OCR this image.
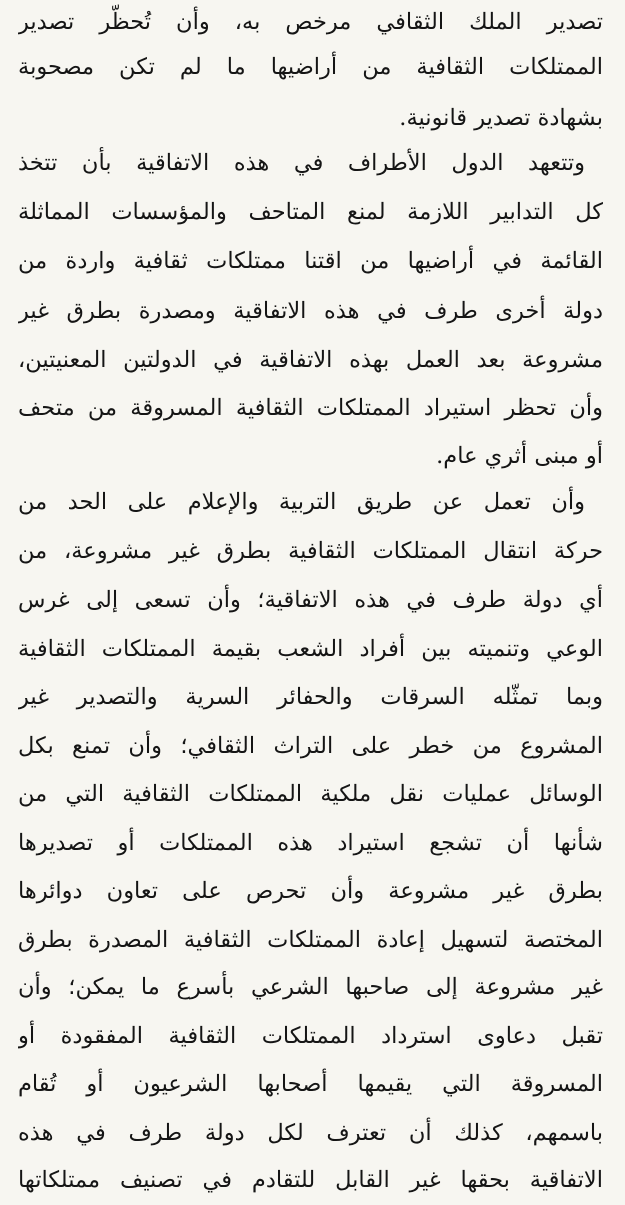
تصدير الملك الثقافي مرخص به، وأن تُحظّر تصدير
الممتلكات الثقافية من أراضيها ما لم تكن مصحوبة
بشهادة تصدير قانونية.
وتتعهد الدول الأطراف في هذه الاتفاقية بأن تتخذ
كل التدابير اللازمة لمنع المتاحف والمؤسسات المماثلة
القائمة في أراضيها من اقتنا ممتلكات ثقافية واردة من
دولة أخرى طرف في هذه الاتفاقية ومصدرة بطرق غير
مشروعة بعد العمل بهذه الاتفاقية في الدولتين المعنيتين،
وأن تحظر استيراد الممتلكات الثقافية المسروقة من متحف
أو مبنى أثري عام.
وأن تعمل عن طريق التربية والإعلام على الحد من
حركة انتقال الممتلكات الثقافية بطرق غير مشروعة، من
أي دولة طرف في هذه الاتفاقية؛ وأن تسعى إلى غرس
الوعي وتنميته بين أفراد الشعب بقيمة الممتلكات الثقافية
وبما تمثّله السرقات والحفائر السرية والتصدير غير
المشروع من خطر على التراث الثقافي؛ وأن تمنع بكل
الوسائل عمليات نقل ملكية الممتلكات الثقافية التي من
شأنها أن تشجع استيراد هذه الممتلكات أو تصديرها
بطرق غير مشروعة وأن تحرص على تعاون دوائرها
المختصة لتسهيل إعادة الممتلكات الثقافية المصدرة بطرق
غير مشروعة إلى صاحبها الشرعي بأسرع ما يمكن؛ وأن
تقبل دعاوى استرداد الممتلكات الثقافية المفقودة أو
المسروقة التي يقيمها أصحابها الشرعيون أو تُقام
باسمهم، كذلك أن تعترف لكل دولة طرف في هذه
الاتفاقية بحقها غير القابل للتقادم في تصنيف ممتلكاتها
